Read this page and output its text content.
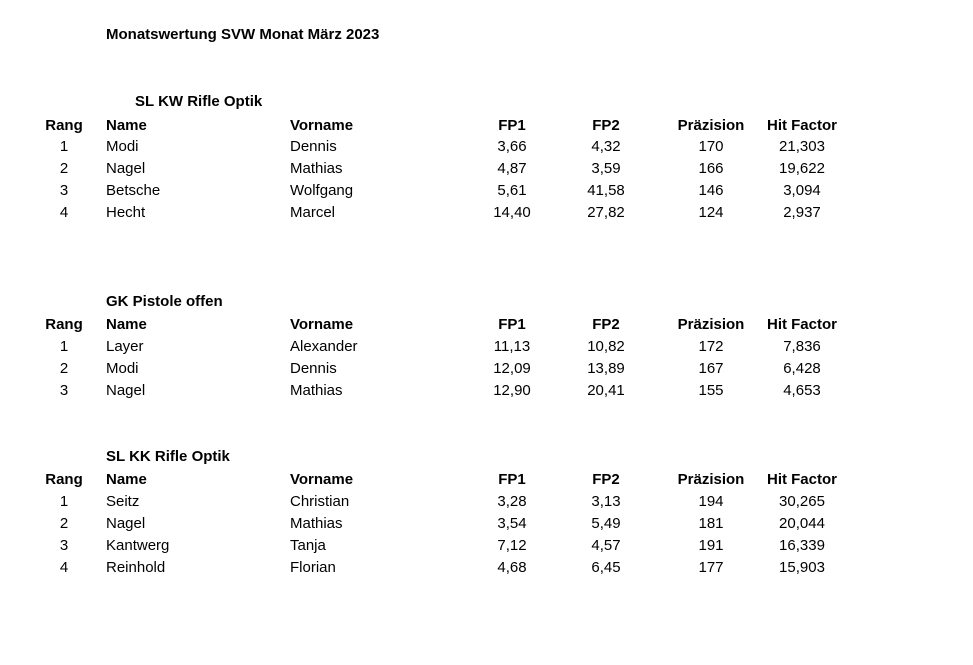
Monatswertung SVW Monat März 2023
SL KW Rifle Optik
Rang	Name	Vorname	FP1	FP2	Präzision	Hit Factor
1	Modi	Dennis	3,66	4,32	170	21,303
2	Nagel	Mathias	4,87	3,59	166	19,622
3	Betsche	Wolfgang	5,61	41,58	146	3,094
4	Hecht	Marcel	14,40	27,82	124	2,937
GK Pistole offen
Rang	Name	Vorname	FP1	FP2	Präzision	Hit Factor
1	Layer	Alexander	11,13	10,82	172	7,836
2	Modi	Dennis	12,09	13,89	167	6,428
3	Nagel	Mathias	12,90	20,41	155	4,653
SL KK Rifle Optik
Rang	Name	Vorname	FP1	FP2	Präzision	Hit Factor
1	Seitz	Christian	3,28	3,13	194	30,265
2	Nagel	Mathias	3,54	5,49	181	20,044
3	Kantwerg	Tanja	7,12	4,57	191	16,339
4	Reinhold	Florian	4,68	6,45	177	15,903
